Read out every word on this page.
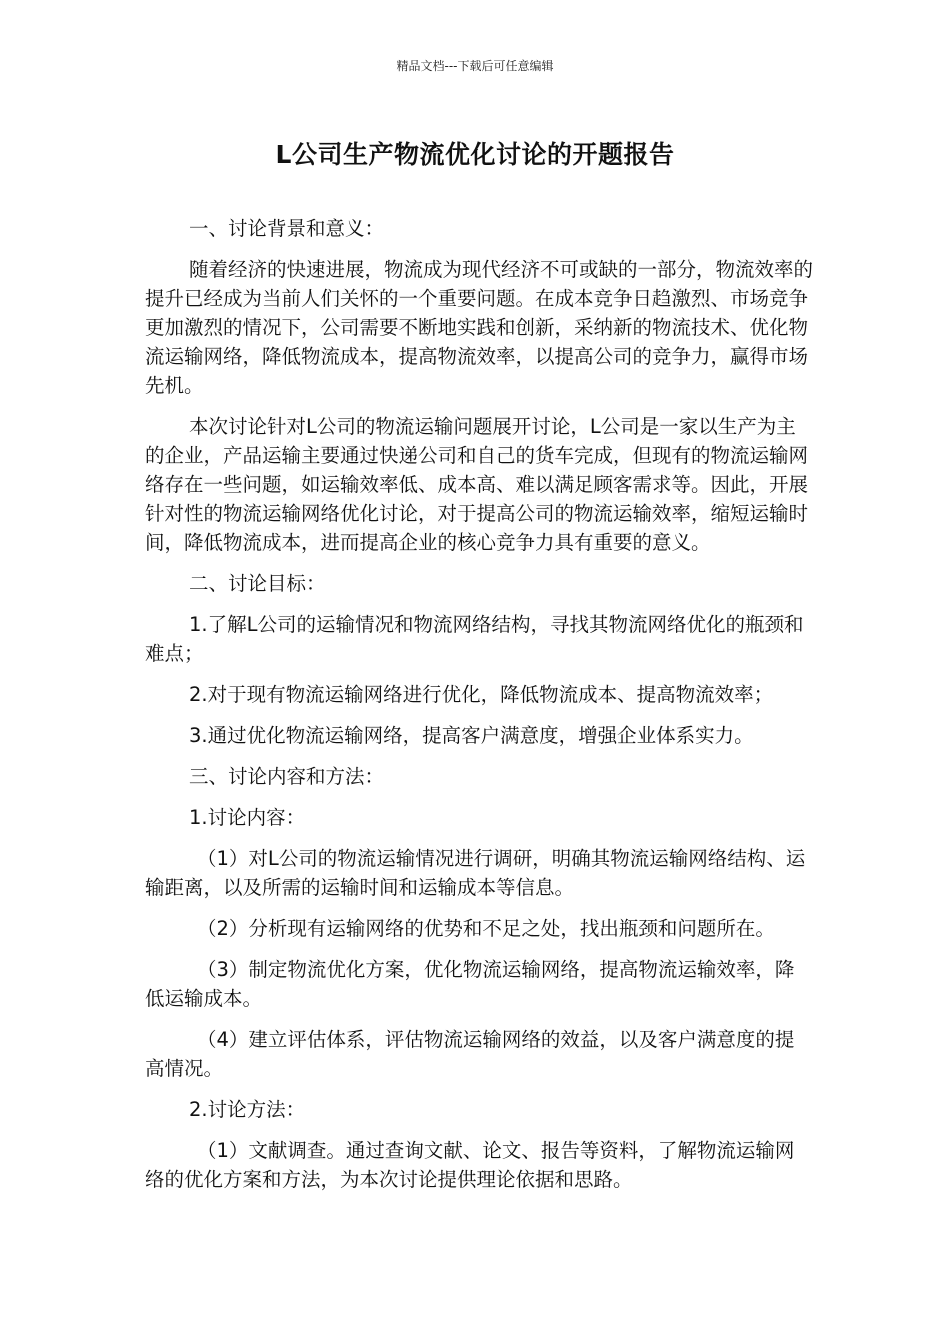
精品文档---下载后可任意编辑
L公司生产物流优化讨论的开题报告

一、讨论背景和意义：

随着经济的快速进展，物流成为现代经济不可或缺的一部分，物流效率的提升已经成为当前人们关怀的一个重要问题。在成本竞争日趋激烈、市场竞争更加激烈的情况下，公司需要不断地实践和创新，采纳新的物流技术、优化物流运输网络，降低物流成本，提高物流效率，以提高公司的竞争力，赢得市场先机。

本次讨论针对L公司的物流运输问题展开讨论，L公司是一家以生产为主的企业，产品运输主要通过快递公司和自己的货车完成，但现有的物流运输网络存在一些问题，如运输效率低、成本高、难以满足顾客需求等。因此，开展针对性的物流运输网络优化讨论，对于提高公司的物流运输效率，缩短运输时间，降低物流成本，进而提高企业的核心竞争力具有重要的意义。

二、讨论目标：

1.了解L公司的运输情况和物流网络结构，寻找其物流网络优化的瓶颈和难点；

2.对于现有物流运输网络进行优化，降低物流成本、提高物流效率；

3.通过优化物流运输网络，提高客户满意度，增强企业体系实力。

三、讨论内容和方法：

1.讨论内容：

（1）对L公司的物流运输情况进行调研，明确其物流运输网络结构、运输距离，以及所需的运输时间和运输成本等信息。

（2）分析现有运输网络的优势和不足之处，找出瓶颈和问题所在。

（3）制定物流优化方案，优化物流运输网络，提高物流运输效率，降低运输成本。

（4）建立评估体系，评估物流运输网络的效益，以及客户满意度的提高情况。

2.讨论方法：

（1）文献调查。通过查询文献、论文、报告等资料，了解物流运输网络的优化方案和方法，为本次讨论提供理论依据和思路。
